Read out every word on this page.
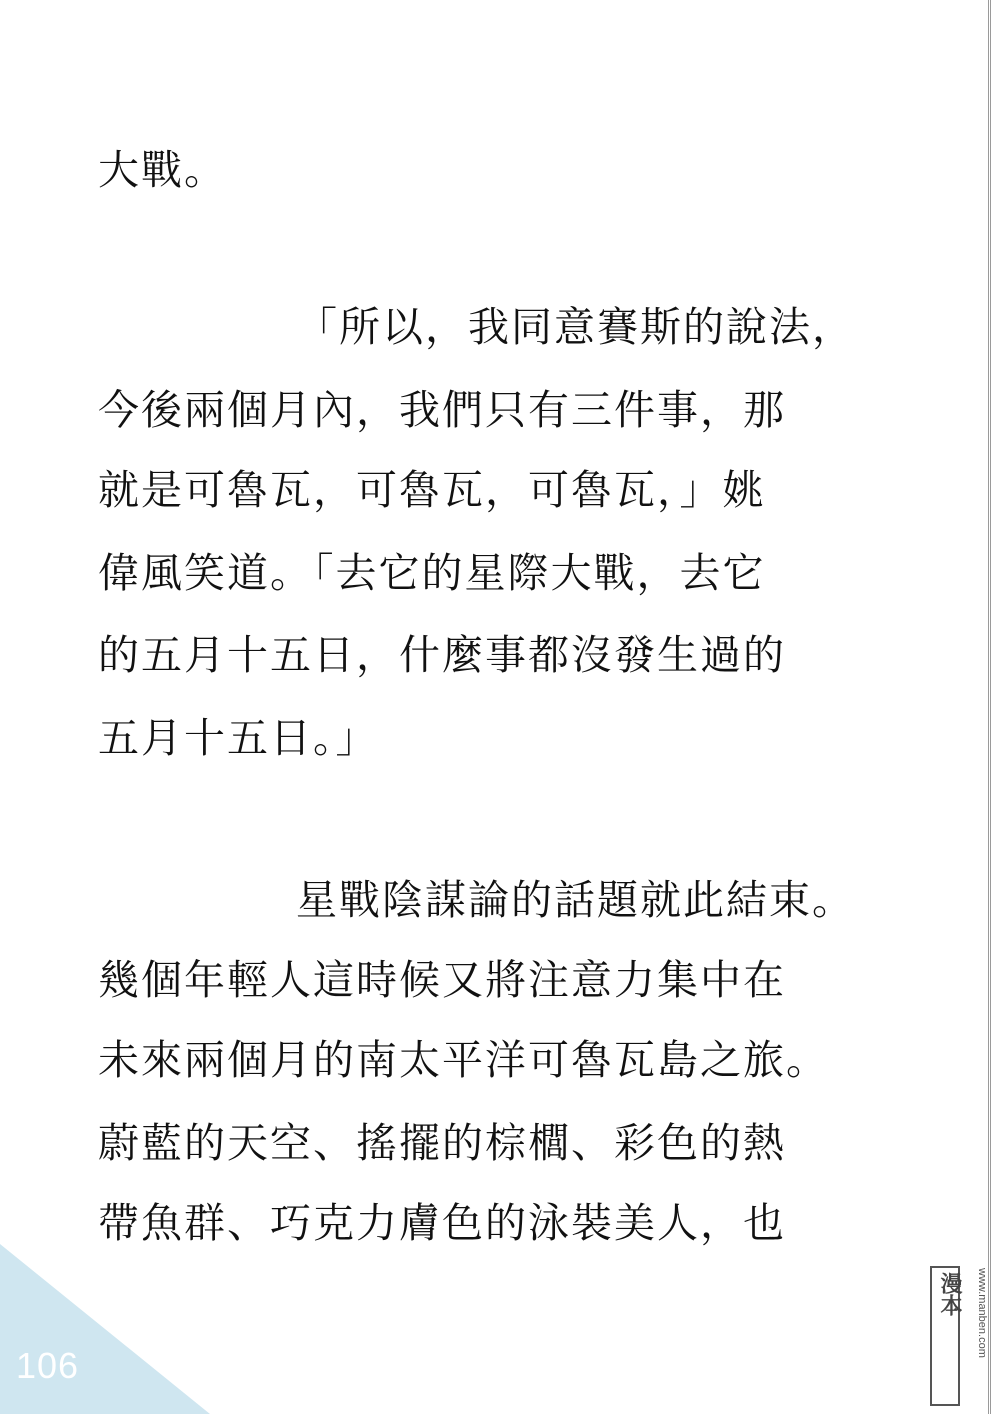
大戰。
「所以，我同意賽斯的說法，
今後兩個月內，我們只有三件事，那
就是可魯瓦，可魯瓦，可魯瓦，」姚
偉風笑道。「去它的星際大戰，去它
的五月十五日，什麼事都沒發生過的
五月十五日。」
星戰陰謀論的話題就此結束。
幾個年輕人這時候又將注意力集中在
未來兩個月的南太平洋可魯瓦島之旅。
蔚藍的天空、搖擺的棕櫚、彩色的熱
帶魚群、巧克力膚色的泳裝美人，也
106
漫本	www.manben.com
